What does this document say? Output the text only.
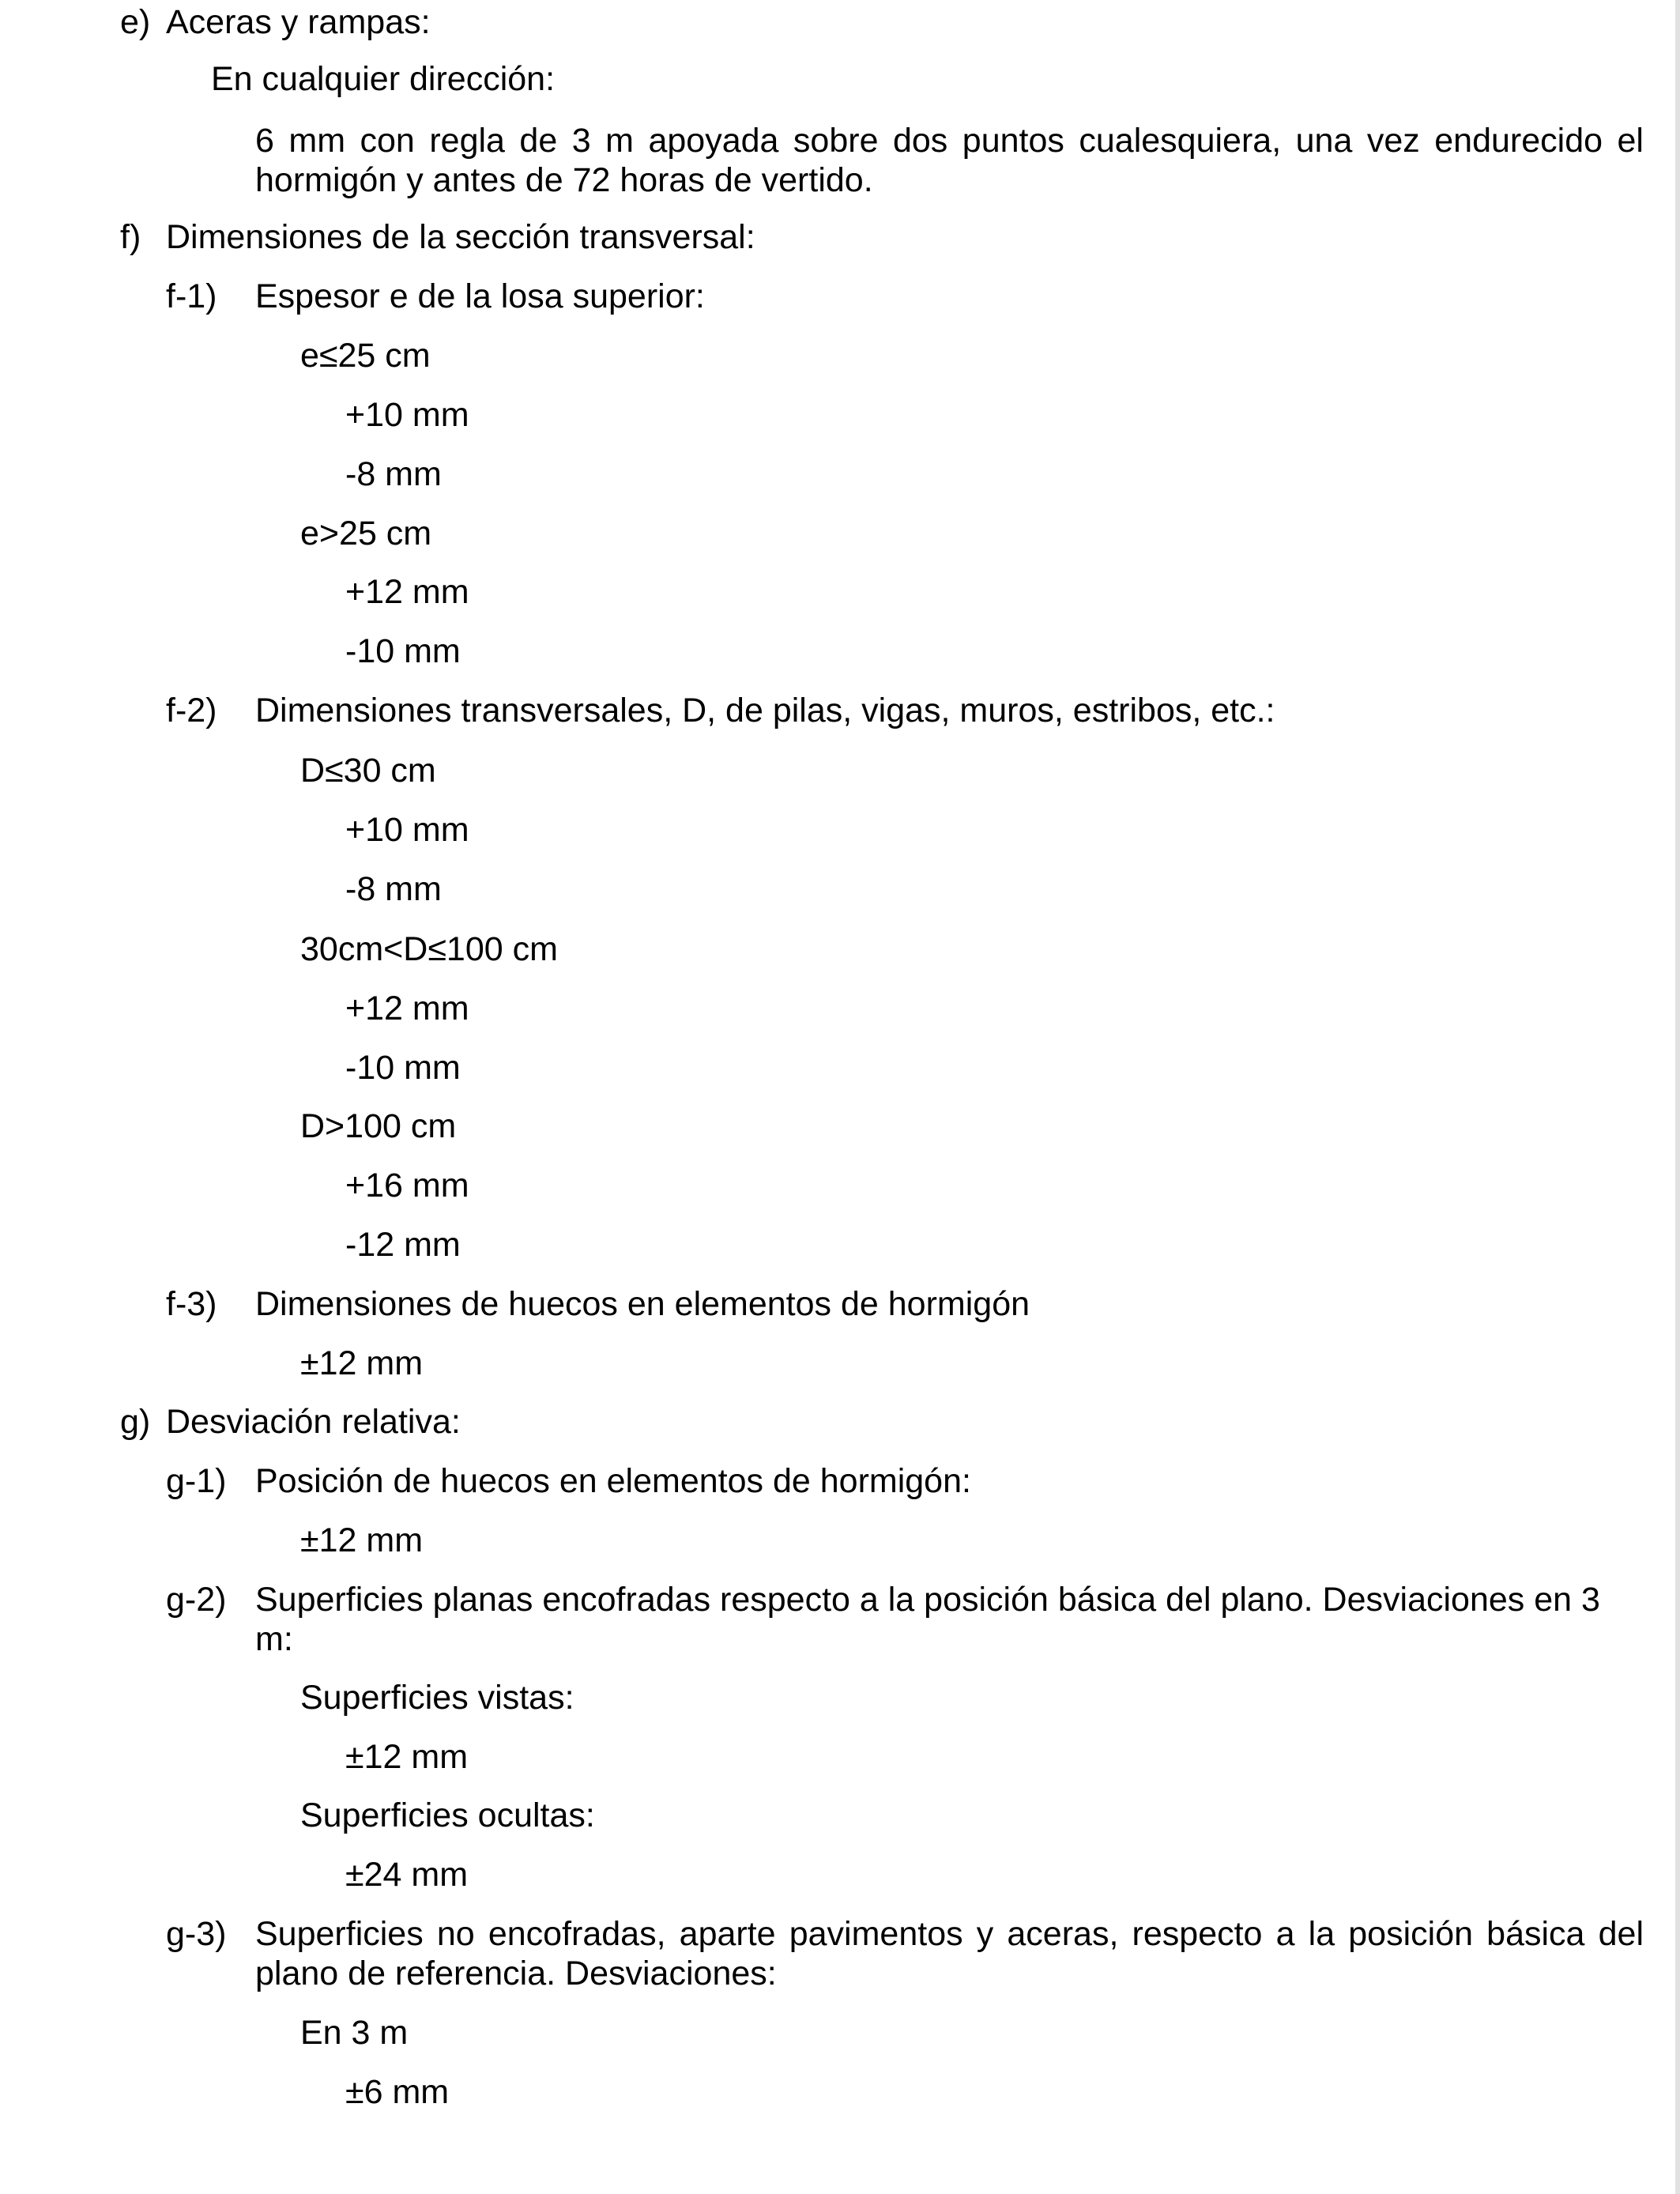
e) Aceras y rampas:
En cualquier dirección:
6 mm con regla de 3 m apoyada sobre dos puntos cualesquiera, una vez endurecido el hormigón y antes de 72 horas de vertido.
f) Dimensiones de la sección transversal:
f-1) Espesor e de la losa superior:
e≤25 cm
+10 mm
-8 mm
e>25 cm
+12 mm
-10 mm
f-2) Dimensiones transversales, D, de pilas, vigas, muros, estribos, etc.:
D≤30 cm
+10 mm
-8 mm
30cm<D≤100 cm
+12 mm
-10 mm
D>100 cm
+16 mm
-12 mm
f-3) Dimensiones de huecos en elementos de hormigón
±12 mm
g) Desviación relativa:
g-1) Posición de huecos en elementos de hormigón:
±12 mm
g-2) Superficies planas encofradas respecto a la posición básica del plano. Desviaciones en 3 m:
Superficies vistas:
±12 mm
Superficies ocultas:
±24 mm
g-3) Superficies no encofradas, aparte pavimentos y aceras, respecto a la posición básica del plano de referencia. Desviaciones:
En 3 m
±6 mm
